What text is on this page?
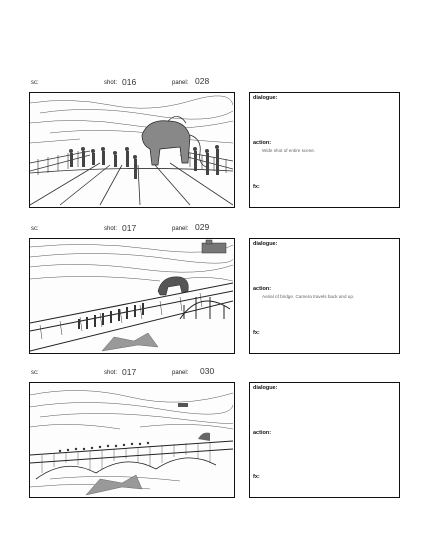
sc:	shot: 016	panel: 028
dialogue:
action:
Wide shot of entire scene.
fx:
sc:	shot: 017	panel: 029
dialogue:
action:
Aerial of bridge. Camera travels back and up.
fx:
sc:	shot: 017	panel: 030
dialogue:
action:
fx:
